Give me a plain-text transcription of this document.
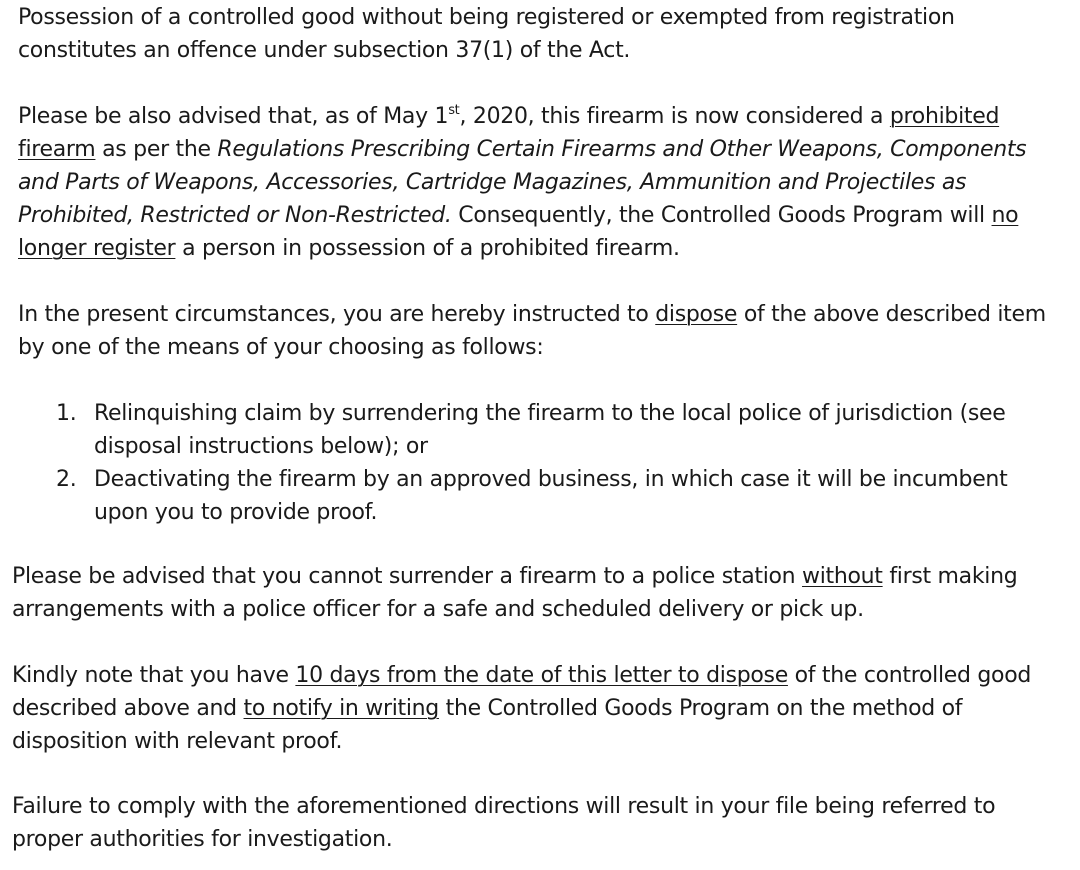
Possession of a controlled good without being registered or exempted from registration
constitutes an offence under subsection 37(1) of the Act.

Please be also advised that, as of May 1st, 2020, this firearm is now considered a prohibited
firearm as per the Regulations Prescribing Certain Firearms and Other Weapons, Components
and Parts of Weapons, Accessories, Cartridge Magazines, Ammunition and Projectiles as
Prohibited, Restricted or Non-Restricted. Consequently, the Controlled Goods Program will no
longer register a person in possession of a prohibited firearm.

In the present circumstances, you are hereby instructed to dispose of the above described item
by one of the means of your choosing as follows:

1. Relinquishing claim by surrendering the firearm to the local police of jurisdiction (see
disposal instructions below); or
2. Deactivating the firearm by an approved business, in which case it will be incumbent
upon you to provide proof.

Please be advised that you cannot surrender a firearm to a police station without first making
arrangements with a police officer for a safe and scheduled delivery or pick up.

Kindly note that you have 10 days from the date of this letter to dispose of the controlled good
described above and to notify in writing the Controlled Goods Program on the method of
disposition with relevant proof.

Failure to comply with the aforementioned directions will result in your file being referred to
proper authorities for investigation.
